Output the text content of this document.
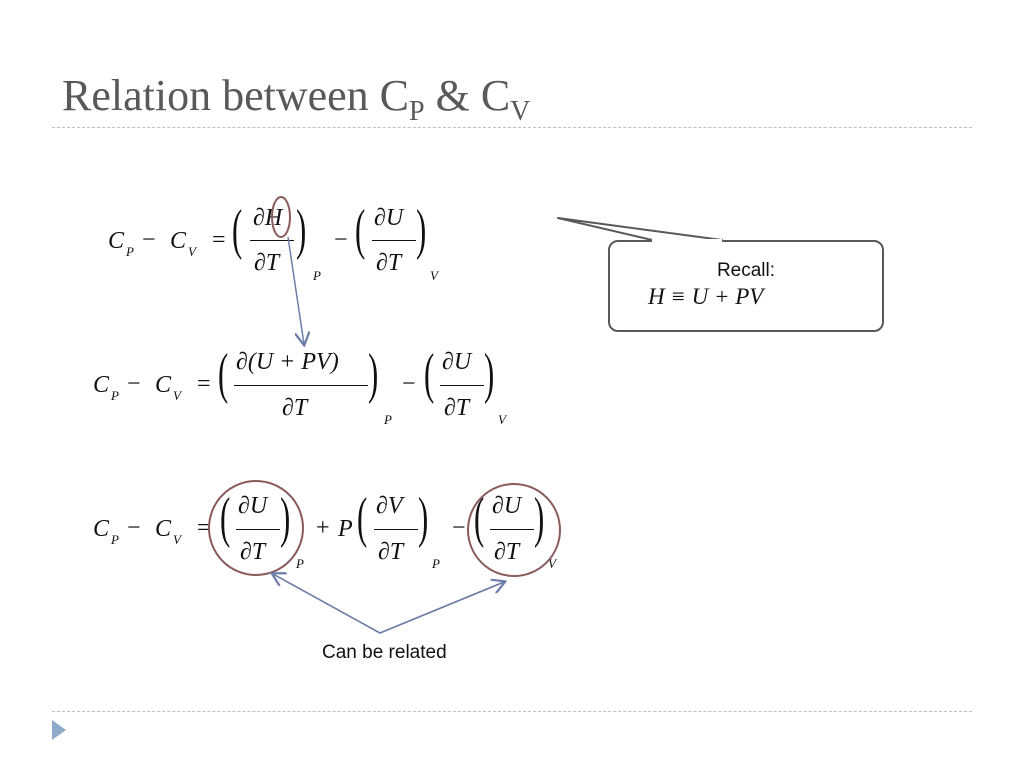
Relation between $C_P$ & $C_V$
C P − C V = ( ∂H
∂T
)
P
− ( ∂U
∂T
)
V
C P − C V = ( ∂(U + PV)
∂T
)
P
− ( ∂U
∂T
)
V
C P − C V = ( ∂U
∂T
)
P
+ P ( ∂V
∂T
)
P
− ( ∂U
∂T
)
V
Recall:
H ≡ U + PV
Can be related
